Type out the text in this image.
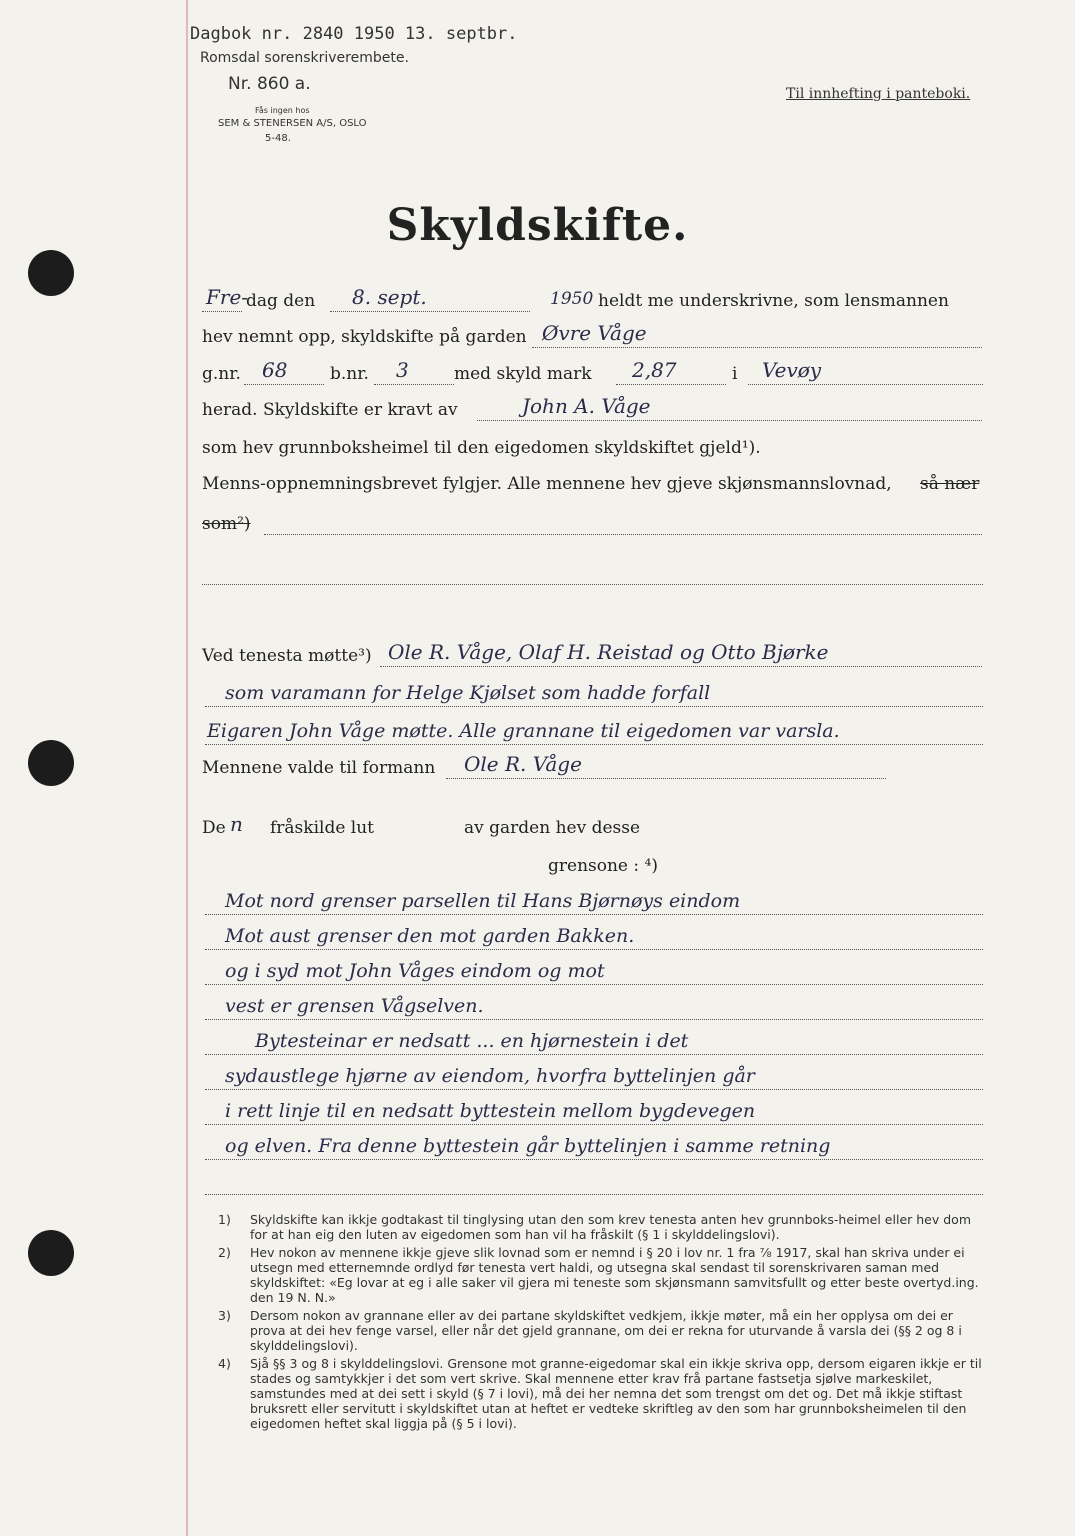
Dagbok nr. 2840 1950 13. septbr.
Romsdal sorenskriverembete.
Nr. 860 a.
Fås ingen hos
SEM & STENERSEN A/S, OSLO
5-48.
Til innhefting i panteboki.
Skyldskifte.
Fre-
dag den 8. sept.	1950 heldt me underskrivne, som lensmannen
hev nemnt opp, skyldskifte på garden Øvre Våge
g.nr. 68	b.nr. 3	med skyld mark 2,87	i Vevøy
herad. Skyldskifte er kravt av	John A. Våge
som hev grunnboksheimel til den eigedomen skyldskiftet gjeld¹).
Menns-oppnemningsbrevet fylgjer. Alle mennene hev gjeve skjønsmannslovnad, så nær
som²)
Ved tenesta møtte³) Ole R. Våge, Olaf H. Reistad og Otto Bjørke
som varamann for Helge Kjølset som hadde forfall
Eigaren John Våge møtte. Alle grannane til eigedomen var varsla.
Mennene valde til formann Ole R. Våge
De n fråskilde lut	av garden hev desse
grensone : ⁴)
Mot nord grenser parsellen til Hans Bjørnøys eindom
Mot aust grenser den mot garden Bakken.
og i syd mot John Våges eindom og mot
vest er grensen Vågselven.
Bytesteinar er nedsatt ... en hjørnestein i det
sydaustlege hjørne av eiendom, hvorfra byttelinjen går
i rett linje til en nedsatt byttestein mellom bygdevegen
og elven. Fra denne byttestein går byttelinjen i samme retning
1)	Skyldskifte kan ikkje godtakast til tinglysing utan den som krev tenesta anten hev grunnboks-heimel eller hev dom for at han eig den luten av eigedomen som han vil ha fråskilt (§ 1 i skylddelingslovi).
2)	Hev nokon av mennene ikkje gjeve slik lovnad som er nemnd i § 20 i lov nr. 1 fra ⅞ 1917, skal han skriva under ei utsegn med etternemnde ordlyd før tenesta vert haldi, og utsegna skal sendast til sorenskrivaren saman med skyldskiftet: «Eg lovar at eg i alle saker vil gjera mi teneste som skjønsmann samvitsfullt og etter beste overtyd.ing. den 19 N. N.»
3)	Dersom nokon av grannane eller av dei partane skyldskiftet vedkjem, ikkje møter, må ein her opplysa om dei er prova at dei hev fenge varsel, eller når det gjeld grannane, om dei er rekna for uturvande å varsla dei (§§ 2 og 8 i skylddelingslovi).
4)	Sjå §§ 3 og 8 i skylddelingslovi. Grensone mot granne-eigedomar skal ein ikkje skriva opp, dersom eigaren ikkje er til stades og samtykkjer i det som vert skrive. Skal mennene etter krav frå partane fastsetja sjølve markeskilet, samstundes med at dei sett i skyld (§ 7 i lovi), må dei her nemna det som trengst om det og. Det må ikkje stiftast bruksrett eller servitutt i skyldskiftet utan at heftet er vedteke skriftleg av den som har grunnboksheimelen til den eigedomen heftet skal liggja på (§ 5 i lovi).
